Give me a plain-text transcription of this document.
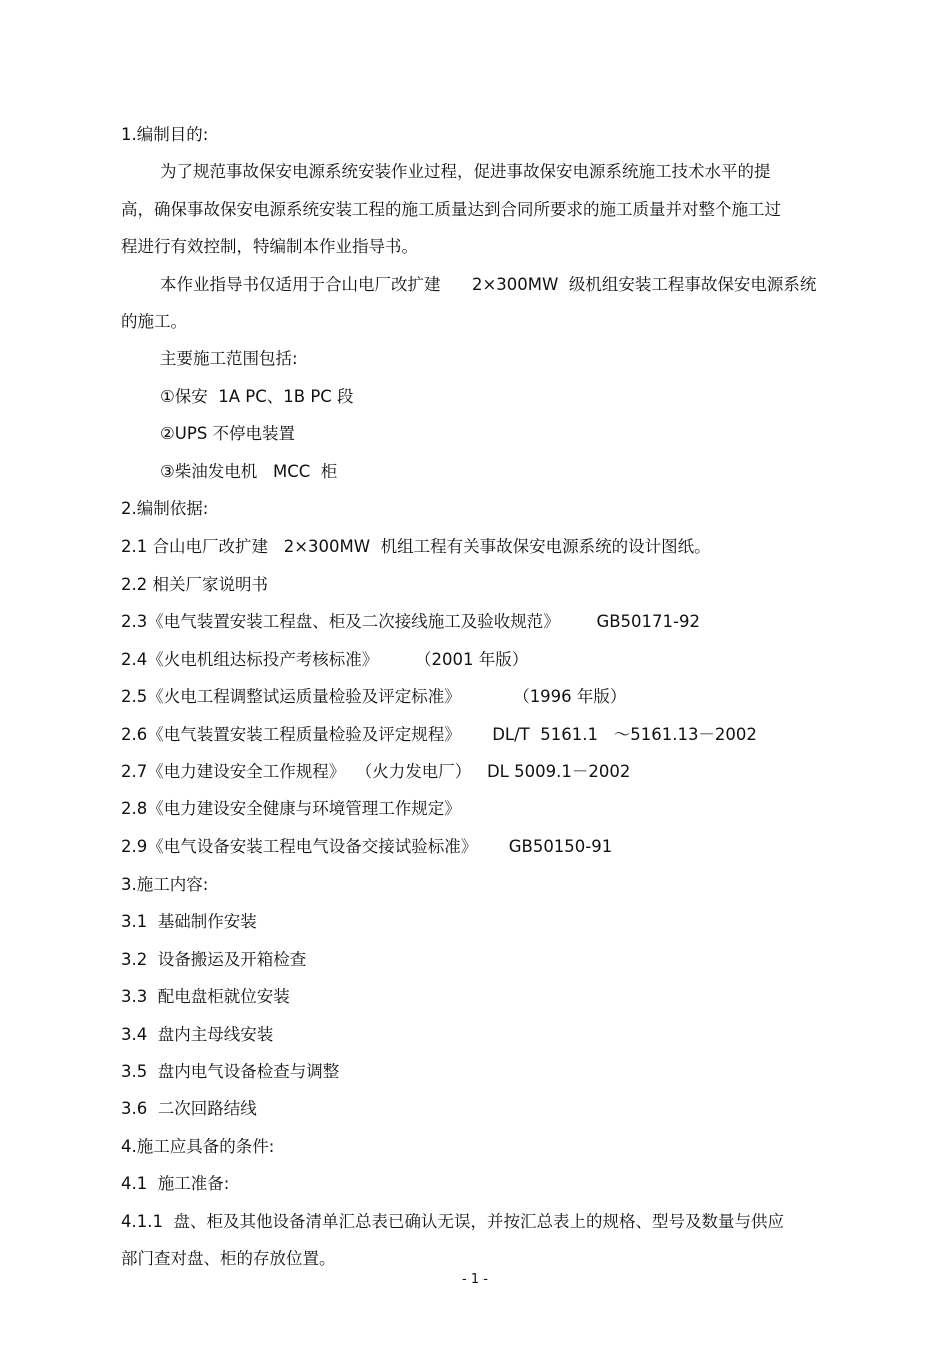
1.编制目的:
为了规范事故保安电源系统安装作业过程，促进事故保安电源系统施工技术水平的提
高，确保事故保安电源系统安装工程的施工质量达到合同所要求的施工质量并对整个施工过
程进行有效控制，特编制本作业指导书。
本作业指导书仅适用于合山电厂改扩建      2×300MW  级机组安装工程事故保安电源系统
的施工。
主要施工范围包括:
①保安  1A PC、1B PC 段
②UPS 不停电装置
③柴油发电机   MCC  柜
2.编制依据:
2.1 合山电厂改扩建   2×300MW  机组工程有关事故保安电源系统的设计图纸。
2.2 相关厂家说明书
2.3《电气装置安装工程盘、柜及二次接线施工及验收规范》       GB50171-92
2.4《火电机组达标投产考核标准》       （2001 年版）
2.5《火电工程调整试运质量检验及评定标准》          （1996 年版）
2.6《电气装置安装工程质量检验及评定规程》      DL/T  5161.1   ～5161.13－2002
2.7《电力建设安全工作规程》  （火力发电厂）   DL 5009.1－2002
2.8《电力建设安全健康与环境管理工作规定》
2.9《电气设备安装工程电气设备交接试验标准》      GB50150-91
3.施工内容:
3.1  基础制作安装
3.2  设备搬运及开箱检查
3.3  配电盘柜就位安装
3.4  盘内主母线安装
3.5  盘内电气设备检查与调整
3.6  二次回路结线
4.施工应具备的条件:
4.1  施工准备:
4.1.1  盘、柜及其他设备清单汇总表已确认无误，并按汇总表上的规格、型号及数量与供应
部门查对盘、柜的存放位置。
- 1 -
